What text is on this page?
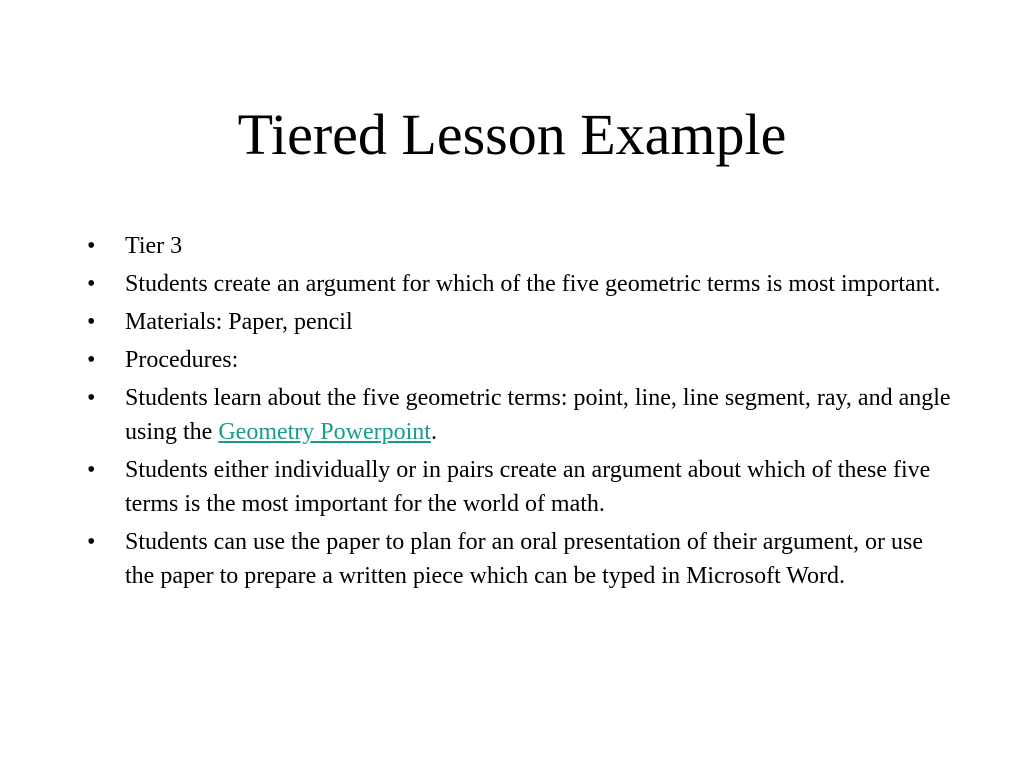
Tiered Lesson Example
•	Tier 3
•	Students create an argument for which of the five geometric terms is most important.
•	Materials: Paper, pencil
•	Procedures:
•	Students learn about the five geometric terms: point, line, line segment, ray, and angle using the Geometry Powerpoint.
•	Students either individually or in pairs create an argument about which of these five terms is the most important for the world of math.
•	Students can use the paper to plan for an oral presentation of their argument, or use the paper to prepare a written piece which can be typed in Microsoft Word.
